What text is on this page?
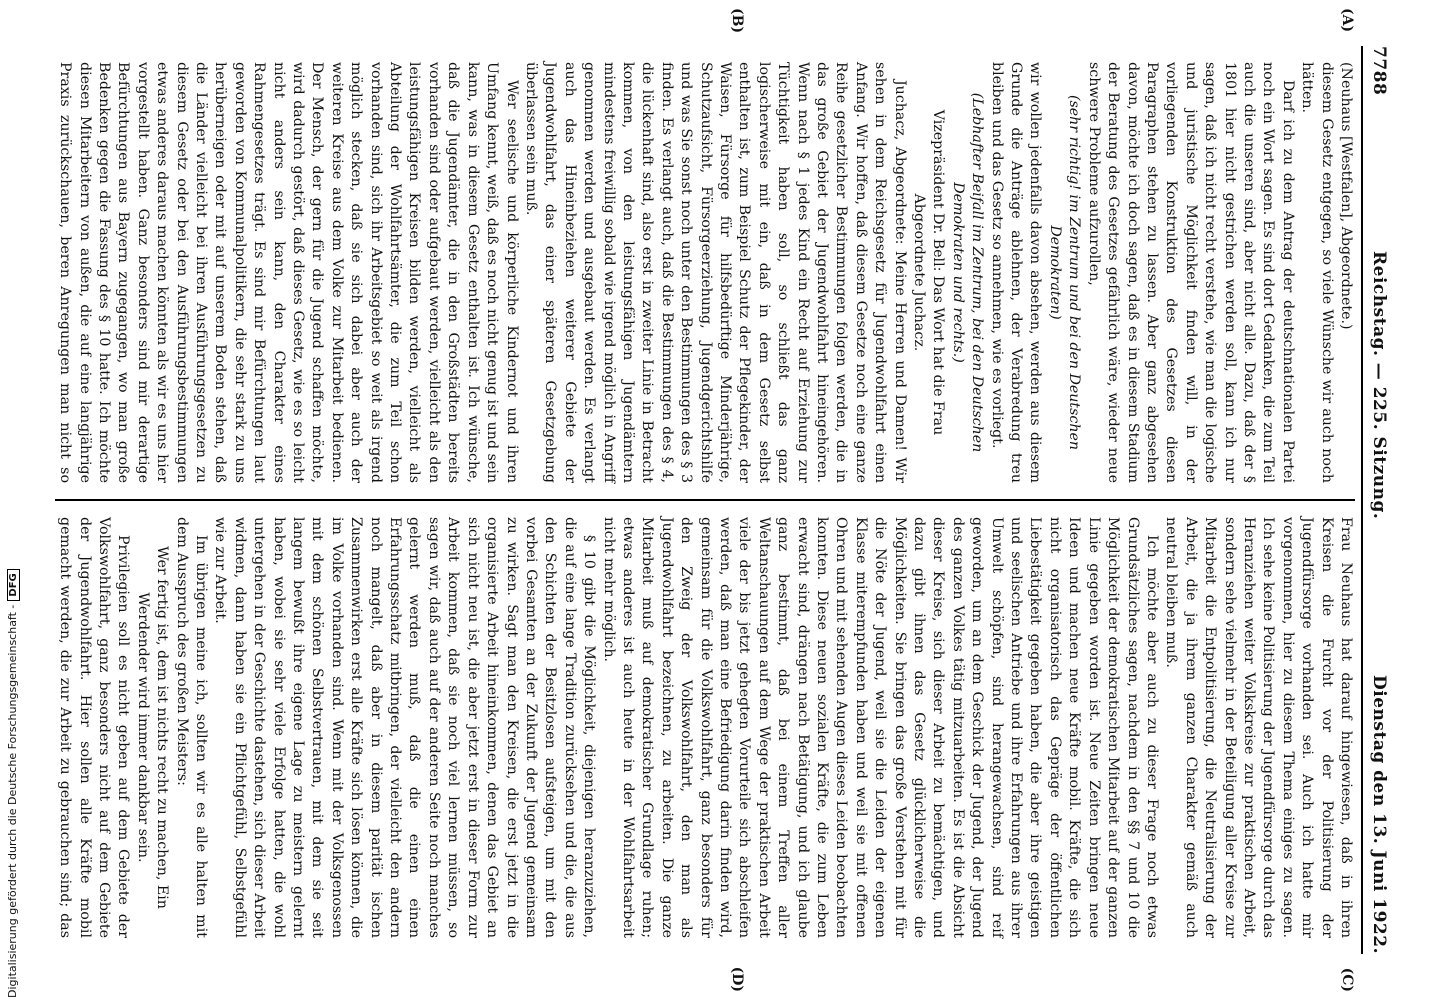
7788
Reichstag. — 225. Sitzung.
Dienstag den 13. Juni 1922.
(A)
(B)
(C)
(D)

(Neuhaus [Westfalen], Abgeordnete.)

diesem Gesetz entgegen, so viele Wünsche wir auch noch hätten.

Darf ich zu dem Antrag der deutschnationalen Partei noch ein Wort sagen. Es sind dort Gedanken, die zum Teil auch die unseren sind, aber nicht alle. Dazu, daß der § 1801 hier nicht gestrichen werden soll, kann ich nur sagen, daß ich nicht recht verstehe, wie man die logische und juristische Möglichkeit finden will, in der vorliegenden Konstruktion des Gesetzes diesen Paragraphen stehen zu lassen. Aber ganz abgesehen davon, möchte ich doch sagen, daß es in diesem Stadium der Beratung des Gesetzes gefährlich wäre, wieder neue schwere Probleme aufzurollen,

(sehr richtig! im Zentrum und bei den Deutschen Demokraten)

wir wollen jedenfalls davon absehen, werden aus diesem Grunde die Anträge ablehnen, der Verabredung treu bleiben und das Gesetz so annehmen, wie es vorliegt.

(Lebhafter Beifall im Zentrum, bei den Deutschen Demokraten und rechts.)

Vizepräsident Dr. Bell: Das Wort hat die Frau Abgeordnete Juchacz.

Juchacz, Abgeordnete: Meine Herren und Damen! Wir sehen in dem Reichsgesetz für Jugendwohlfahrt einen Anfang. Wir hoffen, daß diesem Gesetze noch eine ganze Reihe gesetzlicher Bestimmungen folgen werden, die in das große Gebiet der Jugendwohlfahrt hineingehören. Wenn nach § 1 jedes Kind ein Recht auf Erziehung zur Tüchtigkeit haben soll, so schließt das ganz logischerweise mit ein, daß in dem Gesetz selbst enthalten ist, zum Beispiel Schutz der Pflegekinder, der Waisen, Fürsorge für hilfsbedürftige Minderjährige, Schutzaufsicht, Fürsorgeerziehung, Jugendgerichtshilfe und was Sie sonst noch unter den Bestimmungen des § 3 finden. Es verlangt auch, daß die Bestimmungen des § 4, die lückenhaft sind, also erst in zweiter Linie in Betracht kommen, von den leistungsfähigen Jugendämtern mindestens freiwillig sobald wie irgend möglich in Angriff genommen werden und ausgebaut werden. Es verlangt auch das Hineinbeziehen weiterer Gebiete der Jugendwohlfahrt, das einer späteren Gesetzgebung überlassen sein muß.

Wer seelische und körperliche Kindernot und ihren Umfang kennt, weiß, daß es noch nicht genug ist und sein kann, was in diesem Gesetz enthalten ist. Ich wünsche, daß die Jugendämter, die in den Großstädten bereits vorhanden sind oder aufgebaut werden, vielleicht als den leistungsfähigen Kreisen bilden werden, vielleicht als Abteilung der Wohlfahrtsämter, die zum Teil schon vorhanden sind, sich ihr Arbeitsgebiet so weit als irgend möglich stecken, daß sie sich dabei aber auch der weiteren Kreise aus dem Volke zur Mitarbeit bedienen. Der Mensch, der gern für die Jugend schaffen möchte, wird dadurch gestört, daß dieses Gesetz, wie es so leicht nicht anders sein kann, den Charakter eines Rahmengesetzes trägt. Es sind mir Befürchtungen laut geworden von Kommunalpolitikern, die sehr stark zu uns herüberneigen oder mit auf unserem Boden stehen, daß die Länder vielleicht bei ihren Ausführungsgesetzen zu diesem Gesetz oder bei den Ausführungsbestimmungen etwas anderes daraus machen könnten als wir es uns hier vorgestellt haben. Ganz besonders sind mir derartige Befürchtungen aus Bayern zugegangen, wo man große Bedenken gegen die Fassung des § 10 hatte. Ich möchte diesen Mitarbeitern von außen, die auf eine langjährige Praxis zurückschauen, beren Anregungen man nicht so

Frau Neuhaus hat darauf hingewiesen, daß in ihren Kreisen die Furcht vor der Politisierung der Jugendfürsorge vorhanden sei. Auch ich hatte mir vorgenommen, hier zu diesem Thema einiges zu sagen. Ich sehe keine Politisierung der Jugendfürsorge durch das Heranziehen weiter Volkskreise zur praktischen Arbeit, sondern sehe vielmehr in der Beteiligung aller Kreise zur Mitarbeit die Entpolitisierung, die Neutralisierung der Arbeit, die ja ihrem ganzen Charakter gemäß auch neutral bleiben muß.

Ich möchte aber auch zu dieser Frage noch etwas Grundsätzliches sagen, nachdem in den §§ 7 und 10 die Möglichkeit der demokratischen Mitarbeit auf der ganzen Linie gegeben worden ist. Neue Zeiten bringen neue Ideen und machen neue Kräfte mobil. Kräfte, die sich nicht organisatorisch das Gepräge der öffentlichen Liebestätigkeit gegeben haben, die aber ihre geistigen und seelischen Antriebe und ihre Erfahrungen aus ihrer Umwelt schöpfen, sind herangewachsen, sind reif geworden, um an dem Geschick der Jugend, der Jugend des ganzen Volkes tätig mitzuarbeiten. Es ist die Absicht dieser Kreise, sich dieser Arbeit zu bemächtigen, und dazu gibt ihnen das Gesetz glücklicherweise die Möglichkeiten. Sie bringen das große Verstehen mit für die Nöte der Jugend, weil sie die Leiden der eigenen Klasse miterempfunden haben und weil sie mit offenen Ohren und mit sehenden Augen dieses Leiden beobachten konnten. Diese neuen sozialen Kräfte, die zum Leben erwacht sind, drängen nach Betätigung, und ich glaube ganz bestimmt, daß bei einem Treffen aller Weltanschauungen auf dem Wege der praktischen Arbeit viele der bis jetzt gehegten Vorurteile sich abschleifen werden, daß man eine Befriedigung darin finden wird, gemeinsam für die Volkswohlfahrt, ganz besonders für den Zweig der Volkswohlfahrt, den man als Jugendwohlfahrt bezeichnen, zu arbeiten. Die ganze Mitarbeit muß auf demokratischer Grundlage ruhen; etwas anderes ist auch heute in der Wohlfahrtsarbeit nicht mehr möglich.

§ 10 gibt die Möglichkeit, diejenigen heranzuziehen, die auf eine lange Tradition zurücksehen und die, die aus den Schichten der Besitzlosen aufsteigen, um mit den vorbei Gesamten an der Zukunft der Jugend gemeinsam zu wirken. Sagt man den Kreisen, die erst jetzt in die organisierte Arbeit hineinkommen, denen das Gebiet an sich nicht neu ist, die aber jetzt erst in dieser Form zur Arbeit kommen, daß sie noch viel lernen müssen, so sagen wir, daß auch auf der anderen Seite noch manches gelernt werden muß, daß die einen einen Erfahrungsschatz mitbringen, der vielleicht den andern noch mangelt, daß aber in diesem parität ischen Zusammenwirken erst alle Kräfte sich lösen können, die im Volke vorhanden sind. Wenn mit der Volksgenossen mit dem schönen Selbstvertrauen, mit dem sie seit langem bewußt ihre eigene Lage zu meistern gelernt haben, wobei sie sehr viele Erfolge hatten, die wohl untergehen in der Geschichte dastehen, sich dieser Arbeit widmen, dann haben sie ein Pflichtgefühl, Selbstgefühl wie zur Arbeit.

Im übrigen meine ich, sollten wir es alle halten mit dem Ausspruch des großen Meisters:

Wer fertig ist, dem ist nichts recht zu machen, Ein Werdender wird immer dankbar sein.

Privilegien soll es nicht geben auf dem Gebiete der Volkswohlfahrt, ganz besonders nicht auf dem Gebiete der Jugendwohlfahrt. Hier sollen alle Kräfte mobil gemacht werden, die zur Arbeit zu gebrauchen sind; das

Digitalisierung gefördert durch die Deutsche Forschungsgemeinschaft -DFG
